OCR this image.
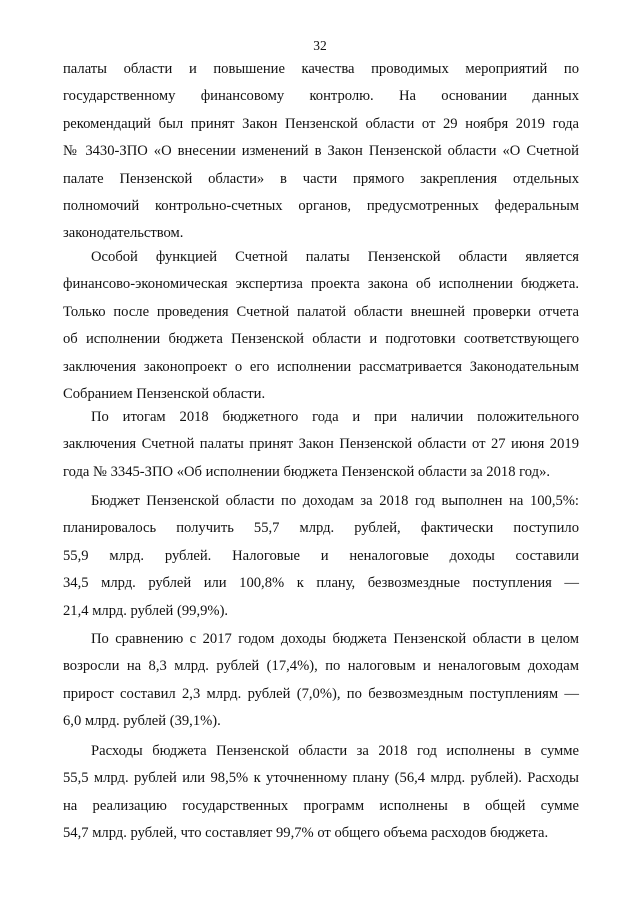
32
палаты области и повышение качества проводимых мероприятий по
государственному финансовому контролю. На основании данных
рекомендаций был принят Закон Пензенской области от 29 ноября 2019 года
№ 3430-ЗПО «О внесении изменений в Закон Пензенской области «О Счетной
палате Пензенской области» в части прямого закрепления отдельных
полномочий контрольно-счетных органов, предусмотренных федеральным
законодательством.
Особой функцией Счетной палаты Пензенской области является
финансово-экономическая экспертиза проекта закона об исполнении бюджета.
Только после проведения Счетной палатой области внешней проверки отчета
об исполнении бюджета Пензенской области и подготовки соответствующего
заключения законопроект о его исполнении рассматривается Законодательным
Собранием Пензенской области.
По итогам 2018 бюджетного года и при наличии положительного
заключения Счетной палаты принят Закон Пензенской области от 27 июня 2019
года № 3345-ЗПО «Об исполнении бюджета Пензенской области за 2018 год».
Бюджет Пензенской области по доходам за 2018 год выполнен на 100,5%:
планировалось получить 55,7 млрд. рублей, фактически поступило
55,9 млрд. рублей. Налоговые и неналоговые доходы составили
34,5 млрд. рублей или 100,8% к плану, безвозмездные поступления —
21,4 млрд. рублей (99,9%).
По сравнению с 2017 годом доходы бюджета Пензенской области в целом
возросли на 8,3 млрд. рублей (17,4%), по налоговым и неналоговым доходам
прирост составил 2,3 млрд. рублей (7,0%), по безвозмездным поступлениям —
6,0 млрд. рублей (39,1%).
Расходы бюджета Пензенской области за 2018 год исполнены в сумме
55,5 млрд. рублей или 98,5% к уточненному плану (56,4 млрд. рублей). Расходы
на реализацию государственных программ исполнены в общей сумме
54,7 млрд. рублей, что составляет 99,7% от общего объема расходов бюджета.
